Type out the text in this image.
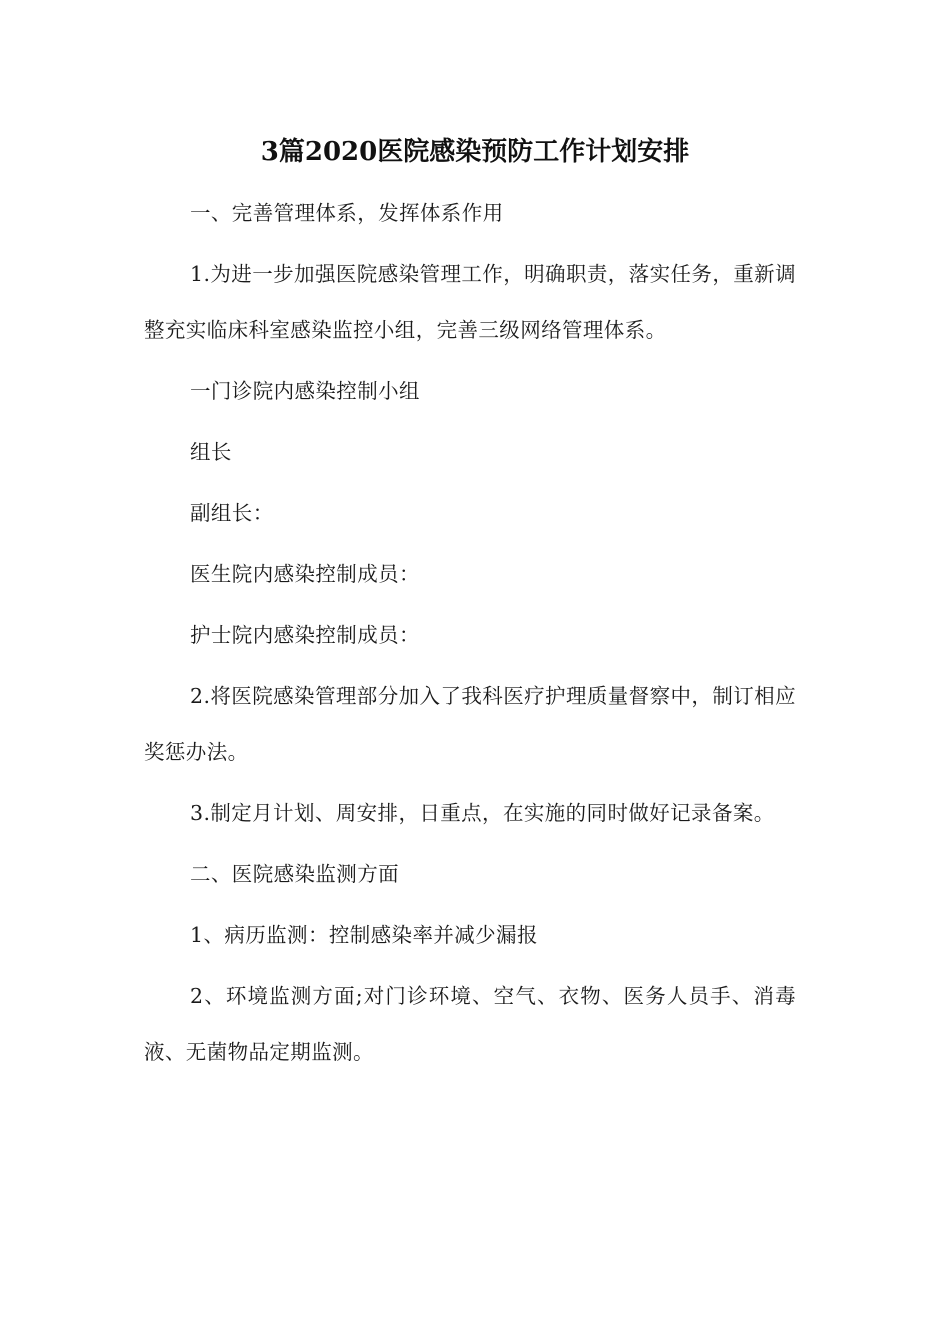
3篇2020医院感染预防工作计划安排

一、完善管理体系，发挥体系作用

1.为进一步加强医院感染管理工作，明确职责，落实任务，重新调整充实临床科室感染监控小组，完善三级网络管理体系。

一门诊院内感染控制小组

组长

副组长：

医生院内感染控制成员：

护士院内感染控制成员：

2.将医院感染管理部分加入了我科医疗护理质量督察中，制订相应奖惩办法。

3.制定月计划、周安排，日重点，在实施的同时做好记录备案。

二、医院感染监测方面

1、病历监测：控制感染率并减少漏报

2、环境监测方面;对门诊环境、空气、衣物、医务人员手、消毒液、无菌物品定期监测。
